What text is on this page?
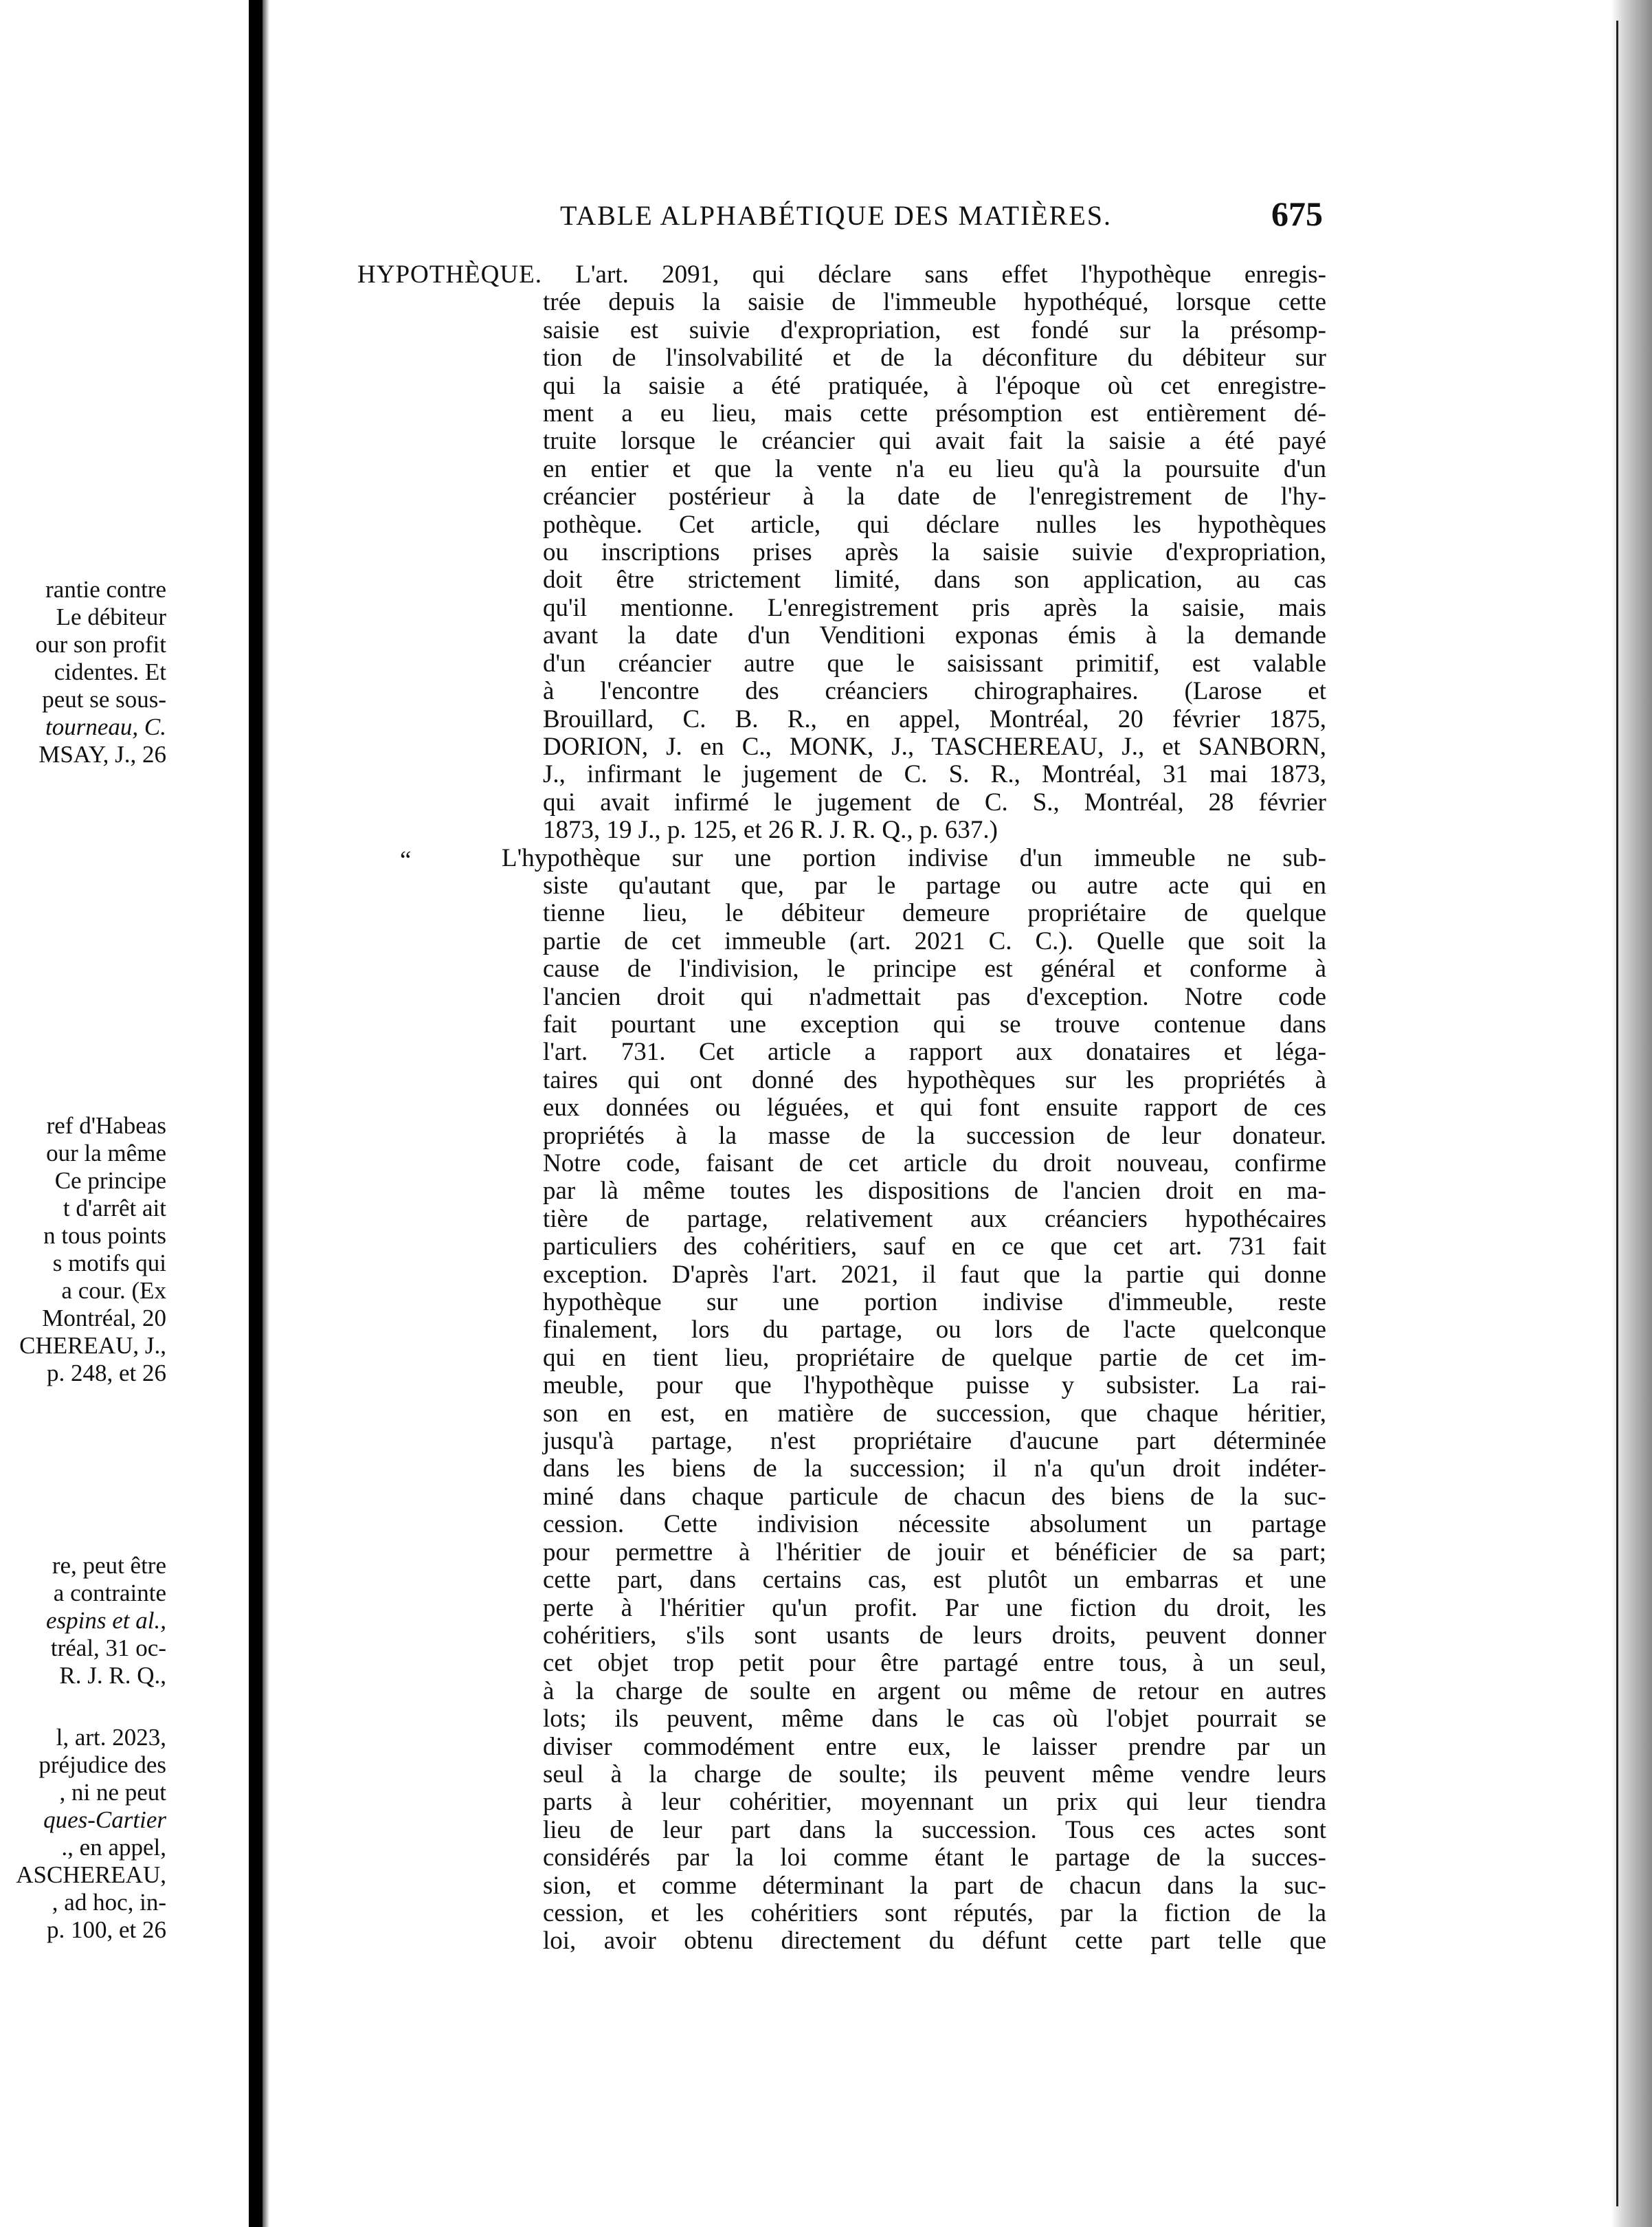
rantie contre
Le débiteur
our son profit
cidentes. Et
peut se sous-
tourneau, C.
MSAY, J., 26
ref d'Habeas
our la même
Ce principe
t d'arrêt ait
n tous points
s motifs qui
a cour. (Ex
Montréal, 20
CHEREAU, J.,
p. 248, et 26
re, peut être
a contrainte
espins et al.,
tréal, 31 oc-
R. J. R. Q.,
l, art. 2023,
préjudice des
, ni ne peut
ques-Cartier
., en appel,
ASCHEREAU,
, ad hoc, in-
p. 100, et 26
TABLE ALPHABÉTIQUE DES MATIÈRES.	675
HYPOTHÈQUE. L'art. 2091, qui déclare sans effet l'hypothèque enregis-
trée depuis la saisie de l'immeuble hypothéqué, lorsque cette
saisie est suivie d'expropriation, est fondé sur la présomp-
tion de l'insolvabilité et de la déconfiture du débiteur sur
qui la saisie a été pratiquée, à l'époque où cet enregistre-
ment a eu lieu, mais cette présomption est entièrement dé-
truite lorsque le créancier qui avait fait la saisie a été payé
en entier et que la vente n'a eu lieu qu'à la poursuite d'un
créancier postérieur à la date de l'enregistrement de l'hy-
pothèque. Cet article, qui déclare nulles les hypothèques
ou inscriptions prises après la saisie suivie d'expropriation,
doit être strictement limité, dans son application, au cas
qu'il mentionne. L'enregistrement pris après la saisie, mais
avant la date d'un Venditioni exponas émis à la demande
d'un créancier autre que le saisissant primitif, est valable
à l'encontre des créanciers chirographaires. (Larose et
Brouillard, C. B. R., en appel, Montréal, 20 février 1875,
DORION, J. en C., MONK, J., TASCHEREAU, J., et SANBORN,
J., infirmant le jugement de C. S. R., Montréal, 31 mai 1873,
qui avait infirmé le jugement de C. S., Montréal, 28 février
1873, 19 J., p. 125, et 26 R. J. R. Q., p. 637.)
L'hypothèque sur une portion indivise d'un immeuble ne sub-
siste qu'autant que, par le partage ou autre acte qui en
tienne lieu, le débiteur demeure propriétaire de quelque
partie de cet immeuble (art. 2021 C. C.). Quelle que soit la
cause de l'indivision, le principe est général et conforme à
l'ancien droit qui n'admettait pas d'exception. Notre code
fait pourtant une exception qui se trouve contenue dans
l'art. 731. Cet article a rapport aux donataires et léga-
taires qui ont donné des hypothèques sur les propriétés à
eux données ou léguées, et qui font ensuite rapport de ces
propriétés à la masse de la succession de leur donateur.
Notre code, faisant de cet article du droit nouveau, confirme
par là même toutes les dispositions de l'ancien droit en ma-
tière de partage, relativement aux créanciers hypothécaires
particuliers des cohéritiers, sauf en ce que cet art. 731 fait
exception. D'après l'art. 2021, il faut que la partie qui donne
hypothèque sur une portion indivise d'immeuble, reste
finalement, lors du partage, ou lors de l'acte quelconque
qui en tient lieu, propriétaire de quelque partie de cet im-
meuble, pour que l'hypothèque puisse y subsister. La rai-
son en est, en matière de succession, que chaque héritier,
jusqu'à partage, n'est propriétaire d'aucune part déterminée
dans les biens de la succession; il n'a qu'un droit indéter-
miné dans chaque particule de chacun des biens de la suc-
cession. Cette indivision nécessite absolument un partage
pour permettre à l'héritier de jouir et bénéficier de sa part;
cette part, dans certains cas, est plutôt un embarras et une
perte à l'héritier qu'un profit. Par une fiction du droit, les
cohéritiers, s'ils sont usants de leurs droits, peuvent donner
cet objet trop petit pour être partagé entre tous, à un seul,
à la charge de soulte en argent ou même de retour en autres
lots; ils peuvent, même dans le cas où l'objet pourrait se
diviser commodément entre eux, le laisser prendre par un
seul à la charge de soulte; ils peuvent même vendre leurs
parts à leur cohéritier, moyennant un prix qui leur tiendra
lieu de leur part dans la succession. Tous ces actes sont
considérés par la loi comme étant le partage de la succes-
sion, et comme déterminant la part de chacun dans la suc-
cession, et les cohéritiers sont réputés, par la fiction de la
loi, avoir obtenu directement du défunt cette part telle que
“
